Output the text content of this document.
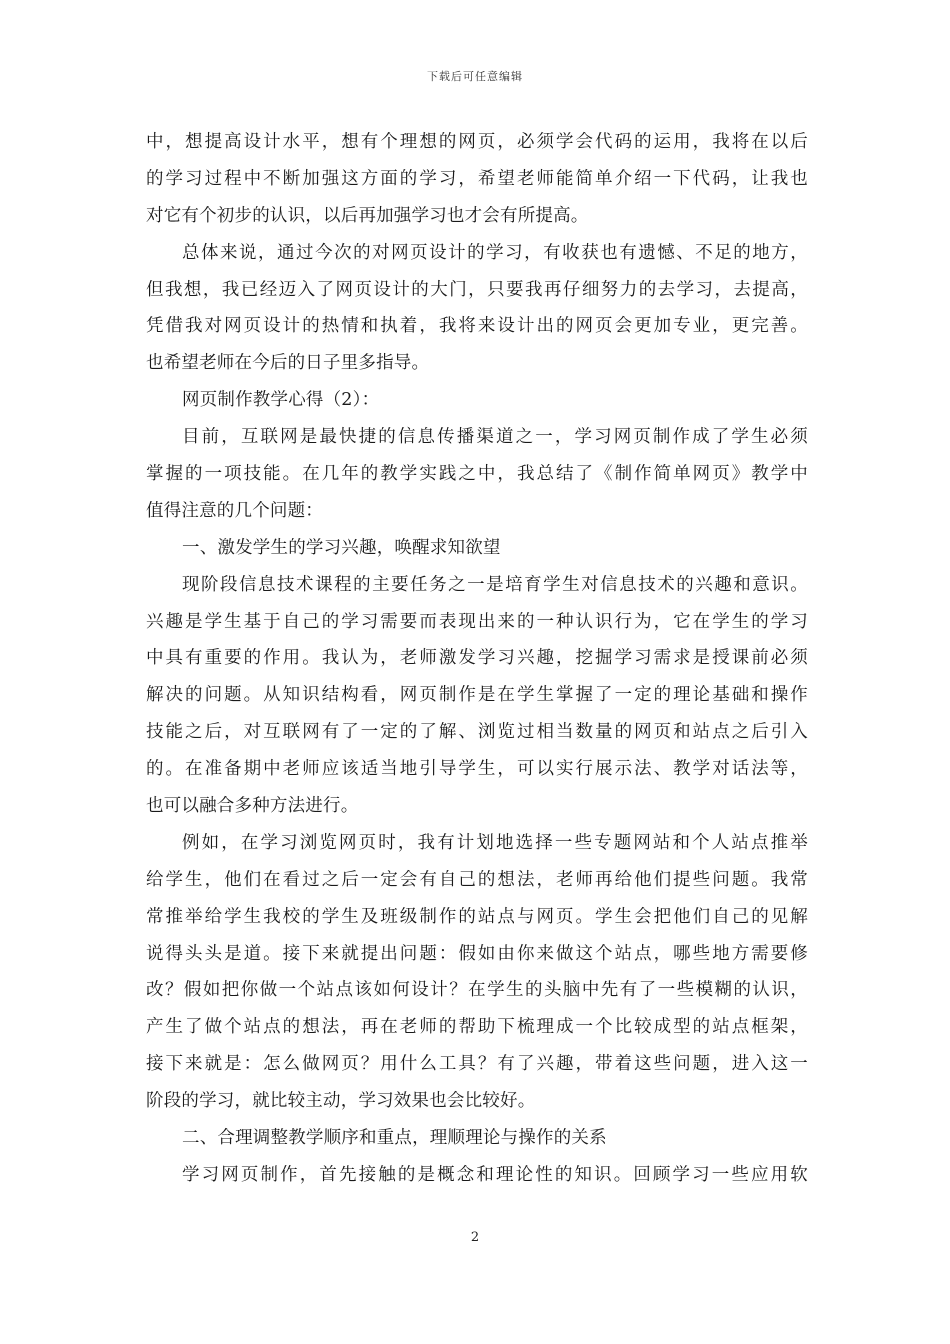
下载后可任意编辑
中，想提高设计水平，想有个理想的网页，必须学会代码的运用，我将在以后
的学习过程中不断加强这方面的学习，希望老师能简单介绍一下代码，让我也
对它有个初步的认识，以后再加强学习也才会有所提高。
总体来说，通过今次的对网页设计的学习，有收获也有遗憾、不足的地方，
但我想，我已经迈入了网页设计的大门，只要我再仔细努力的去学习，去提高，
凭借我对网页设计的热情和执着，我将来设计出的网页会更加专业，更完善。
也希望老师在今后的日子里多指导。
网页制作教学心得（2）：
目前，互联网是最快捷的信息传播渠道之一，学习网页制作成了学生必须
掌握的一项技能。在几年的教学实践之中，我总结了《制作简单网页》教学中
值得注意的几个问题：
一、激发学生的学习兴趣，唤醒求知欲望
现阶段信息技术课程的主要任务之一是培育学生对信息技术的兴趣和意识。
兴趣是学生基于自己的学习需要而表现出来的一种认识行为，它在学生的学习
中具有重要的作用。我认为，老师激发学习兴趣，挖掘学习需求是授课前必须
解决的问题。从知识结构看，网页制作是在学生掌握了一定的理论基础和操作
技能之后，对互联网有了一定的了解、浏览过相当数量的网页和站点之后引入
的。在准备期中老师应该适当地引导学生，可以实行展示法、教学对话法等，
也可以融合多种方法进行。
例如，在学习浏览网页时，我有计划地选择一些专题网站和个人站点推举
给学生，他们在看过之后一定会有自己的想法，老师再给他们提些问题。我常
常推举给学生我校的学生及班级制作的站点与网页。学生会把他们自己的见解
说得头头是道。接下来就提出问题：假如由你来做这个站点，哪些地方需要修
改？假如把你做一个站点该如何设计？在学生的头脑中先有了一些模糊的认识，
产生了做个站点的想法，再在老师的帮助下梳理成一个比较成型的站点框架，
接下来就是：怎么做网页？用什么工具？有了兴趣，带着这些问题，进入这一
阶段的学习，就比较主动，学习效果也会比较好。
二、合理调整教学顺序和重点，理顺理论与操作的关系
学习网页制作，首先接触的是概念和理论性的知识。回顾学习一些应用软
2
